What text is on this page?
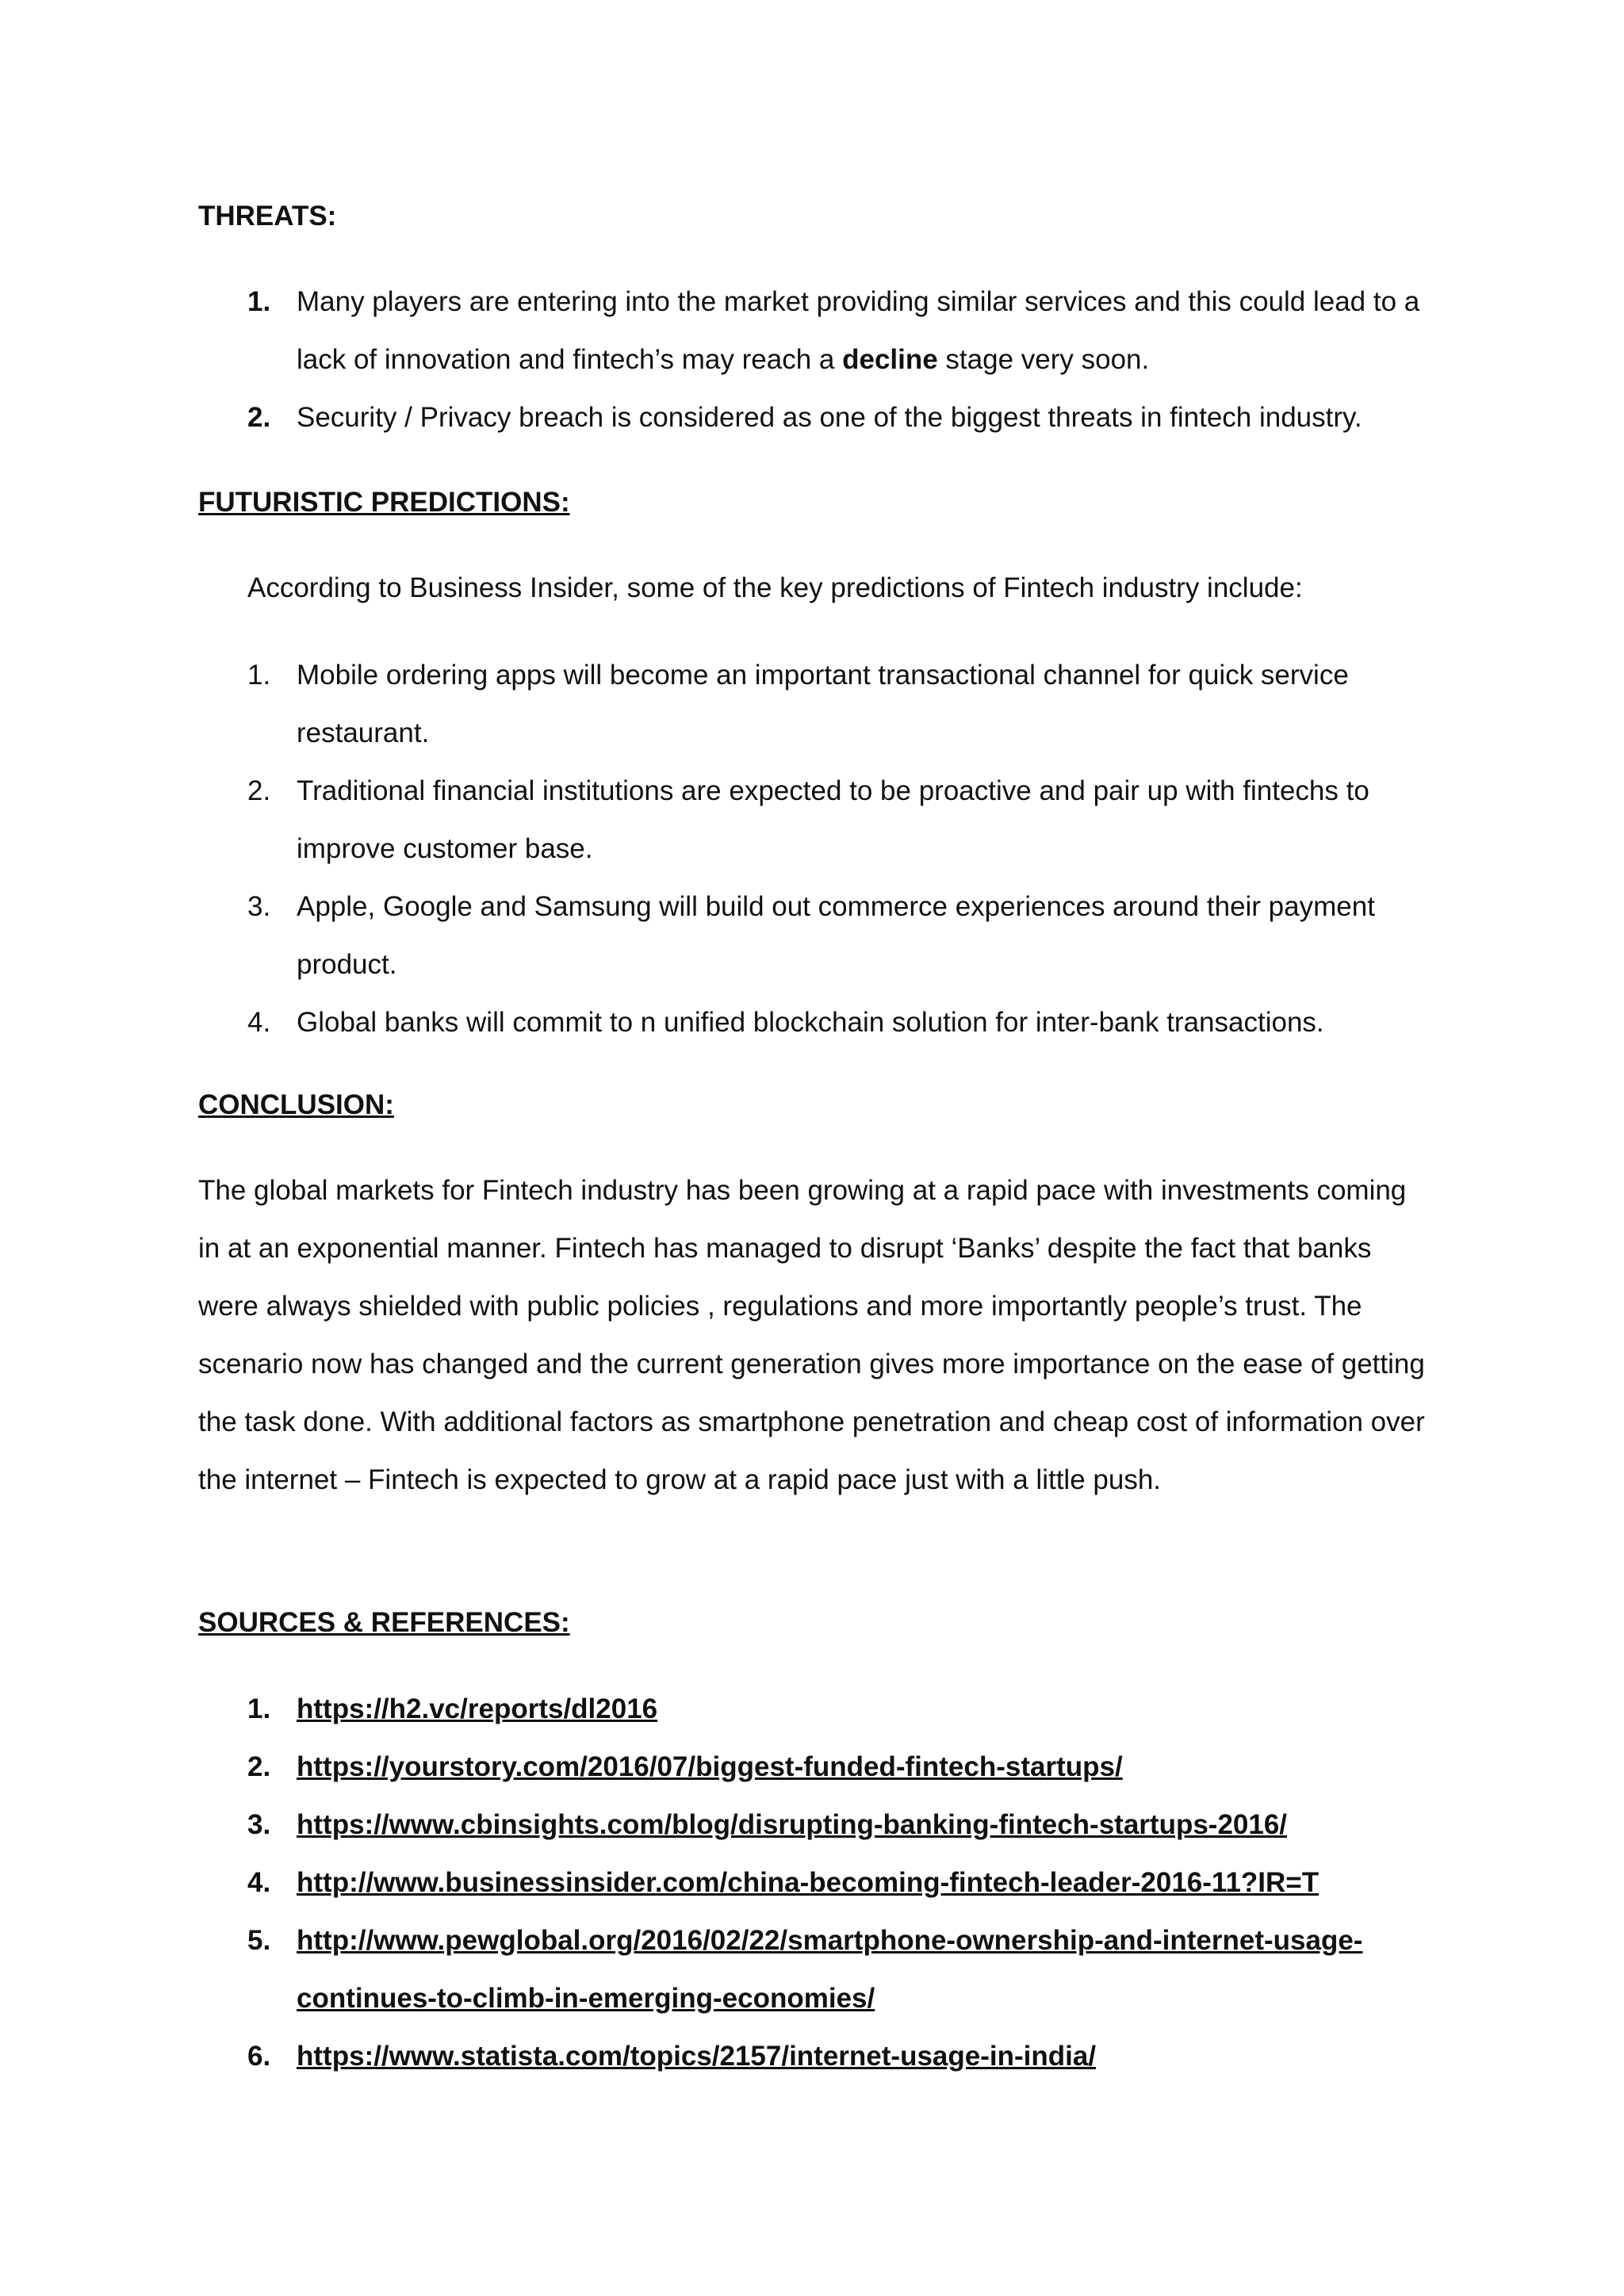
THREATS:

1. Many players are entering into the market providing similar services and this could lead to a lack of innovation and fintech’s may reach a decline stage very soon.
2. Security / Privacy breach is considered as one of the biggest threats in fintech industry.

FUTURISTIC PREDICTIONS:

According to Business Insider, some of the key predictions of Fintech industry include:
1. Mobile ordering apps will become an important transactional channel for quick service restaurant.
2. Traditional financial institutions are expected to be proactive and pair up with fintechs to improve customer base.
3. Apple, Google and Samsung will build out commerce experiences around their payment product.
4. Global banks will commit to n unified blockchain solution for inter-bank transactions.

CONCLUSION:

The global markets for Fintech industry has been growing at a rapid pace with investments coming in at an exponential manner. Fintech has managed to disrupt ‘Banks’ despite the fact that banks were always shielded with public policies , regulations and more importantly people’s trust. The scenario now has changed and the current generation gives more importance on the ease of getting the task done. With additional factors as smartphone penetration and cheap cost of information over the internet – Fintech is expected to grow at a rapid pace just with a little push.

SOURCES & REFERENCES:

1. https://h2.vc/reports/dl2016
2. https://yourstory.com/2016/07/biggest-funded-fintech-startups/
3. https://www.cbinsights.com/blog/disrupting-banking-fintech-startups-2016/
4. http://www.businessinsider.com/china-becoming-fintech-leader-2016-11?IR=T
5. http://www.pewglobal.org/2016/02/22/smartphone-ownership-and-internet-usage-continues-to-climb-in-emerging-economies/
6. https://www.statista.com/topics/2157/internet-usage-in-india/
